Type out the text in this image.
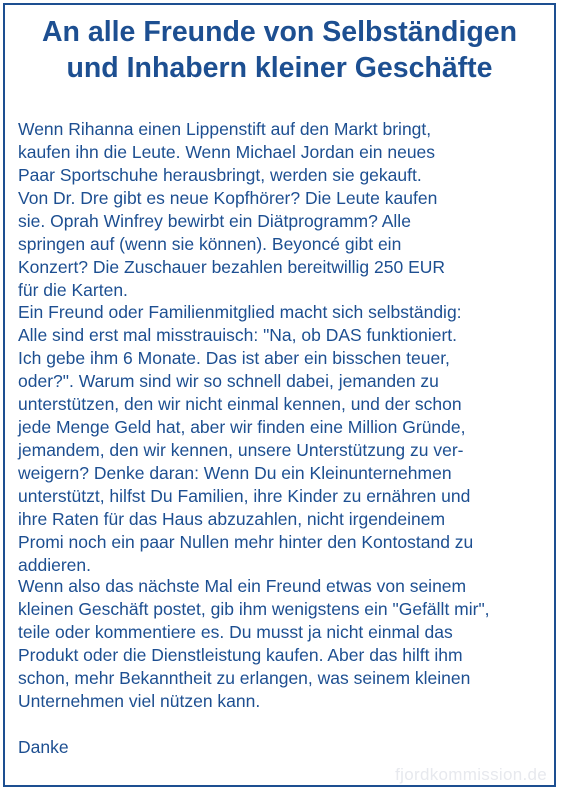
An alle Freunde von Selbständigen
und Inhabern kleiner Geschäfte
Wenn Rihanna einen Lippenstift auf den Markt bringt,
kaufen ihn die Leute. Wenn Michael Jordan ein neues
Paar Sportschuhe herausbringt, werden sie gekauft.
Von Dr. Dre gibt es neue Kopfhörer? Die Leute kaufen
sie. Oprah Winfrey bewirbt ein Diätprogramm? Alle
springen auf (wenn sie können). Beyoncé gibt ein
Konzert? Die Zuschauer bezahlen bereitwillig 250 EUR
für die Karten.
Ein Freund oder Familienmitglied macht sich selbständig:
Alle sind erst mal misstrauisch: "Na, ob DAS funktioniert.
Ich gebe ihm 6 Monate. Das ist aber ein bisschen teuer,
oder?". Warum sind wir so schnell dabei, jemanden zu
unterstützen, den wir nicht einmal kennen, und der schon
jede Menge Geld hat, aber wir finden eine Million Gründe,
jemandem, den wir kennen, unsere Unterstützung zu ver-
weigern? Denke daran: Wenn Du ein Kleinunternehmen
unterstützt, hilfst Du Familien, ihre Kinder zu ernähren und
ihre Raten für das Haus abzuzahlen, nicht irgendeinem
Promi noch ein paar Nullen mehr hinter den Kontostand zu
addieren.
Wenn also das nächste Mal ein Freund etwas von seinem
kleinen Geschäft postet, gib ihm wenigstens ein "Gefällt mir",
teile oder kommentiere es. Du musst ja nicht einmal das
Produkt oder die Dienstleistung kaufen. Aber das hilft ihm
schon, mehr Bekanntheit zu erlangen, was seinem kleinen
Unternehmen viel nützen kann.
Danke
fjordkommission.de
